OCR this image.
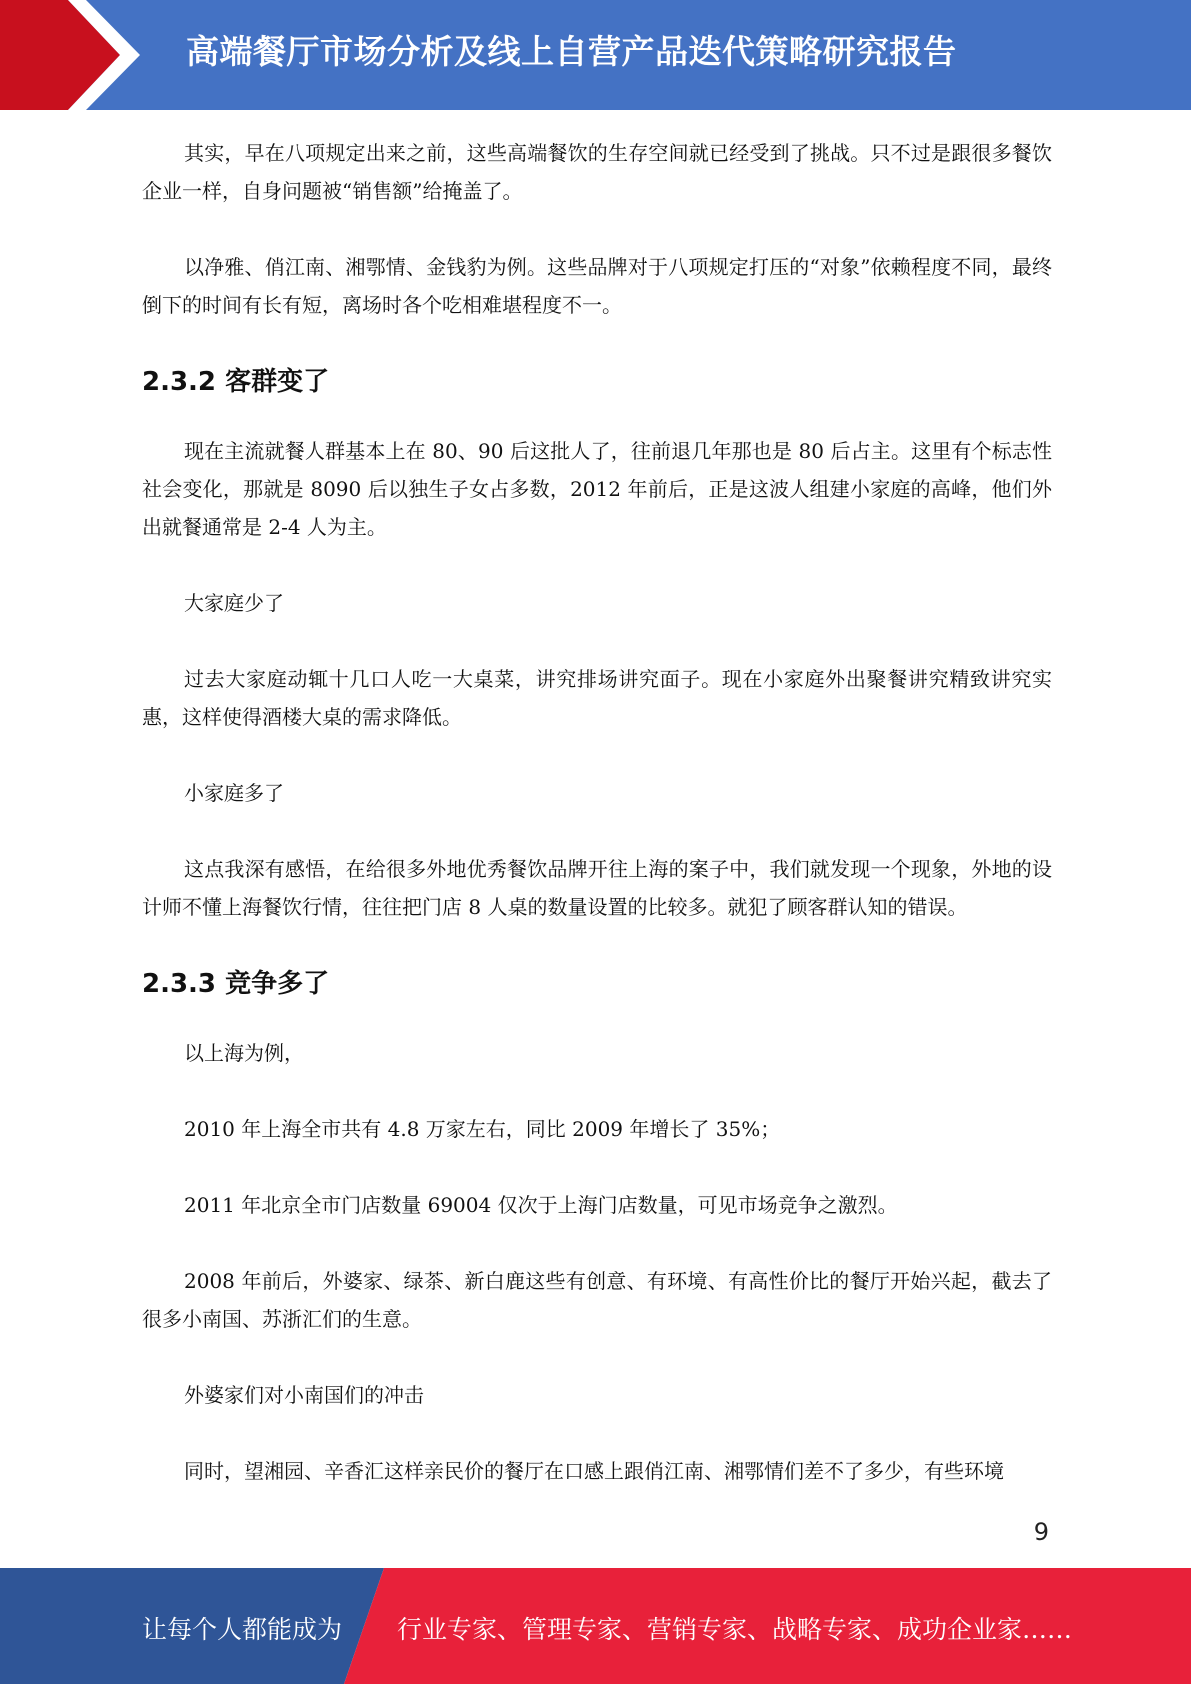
高端餐厅市场分析及线上自营产品迭代策略研究报告

其实，早在八项规定出来之前，这些高端餐饮的生存空间就已经受到了挑战。只不过是跟很多餐饮企业一样，自身问题被“销售额”给掩盖了。

以净雅、俏江南、湘鄂情、金钱豹为例。这些品牌对于八项规定打压的“对象”依赖程度不同，最终倒下的时间有长有短，离场时各个吃相难堪程度不一。

2.3.2 客群变了

现在主流就餐人群基本上在 80、90 后这批人了，往前退几年那也是 80 后占主。这里有个标志性社会变化，那就是 8090 后以独生子女占多数，2012 年前后，正是这波人组建小家庭的高峰，他们外出就餐通常是 2-4 人为主。

大家庭少了

过去大家庭动辄十几口人吃一大桌菜，讲究排场讲究面子。现在小家庭外出聚餐讲究精致讲究实惠，这样使得酒楼大桌的需求降低。

小家庭多了

这点我深有感悟，在给很多外地优秀餐饮品牌开往上海的案子中，我们就发现一个现象，外地的设计师不懂上海餐饮行情，往往把门店 8 人桌的数量设置的比较多。就犯了顾客群认知的错误。

2.3.3 竞争多了

以上海为例，

2010 年上海全市共有 4.8 万家左右，同比 2009 年增长了 35%；

2011 年北京全市门店数量 69004 仅次于上海门店数量，可见市场竞争之激烈。

2008 年前后，外婆家、绿茶、新白鹿这些有创意、有环境、有高性价比的餐厅开始兴起，截去了很多小南国、苏浙汇们的生意。

外婆家们对小南国们的冲击

同时，望湘园、辛香汇这样亲民价的餐厅在口感上跟俏江南、湘鄂情们差不了多少，有些环境

9
让每个人都能成为 行业专家、管理专家、营销专家、战略专家、成功企业家……
